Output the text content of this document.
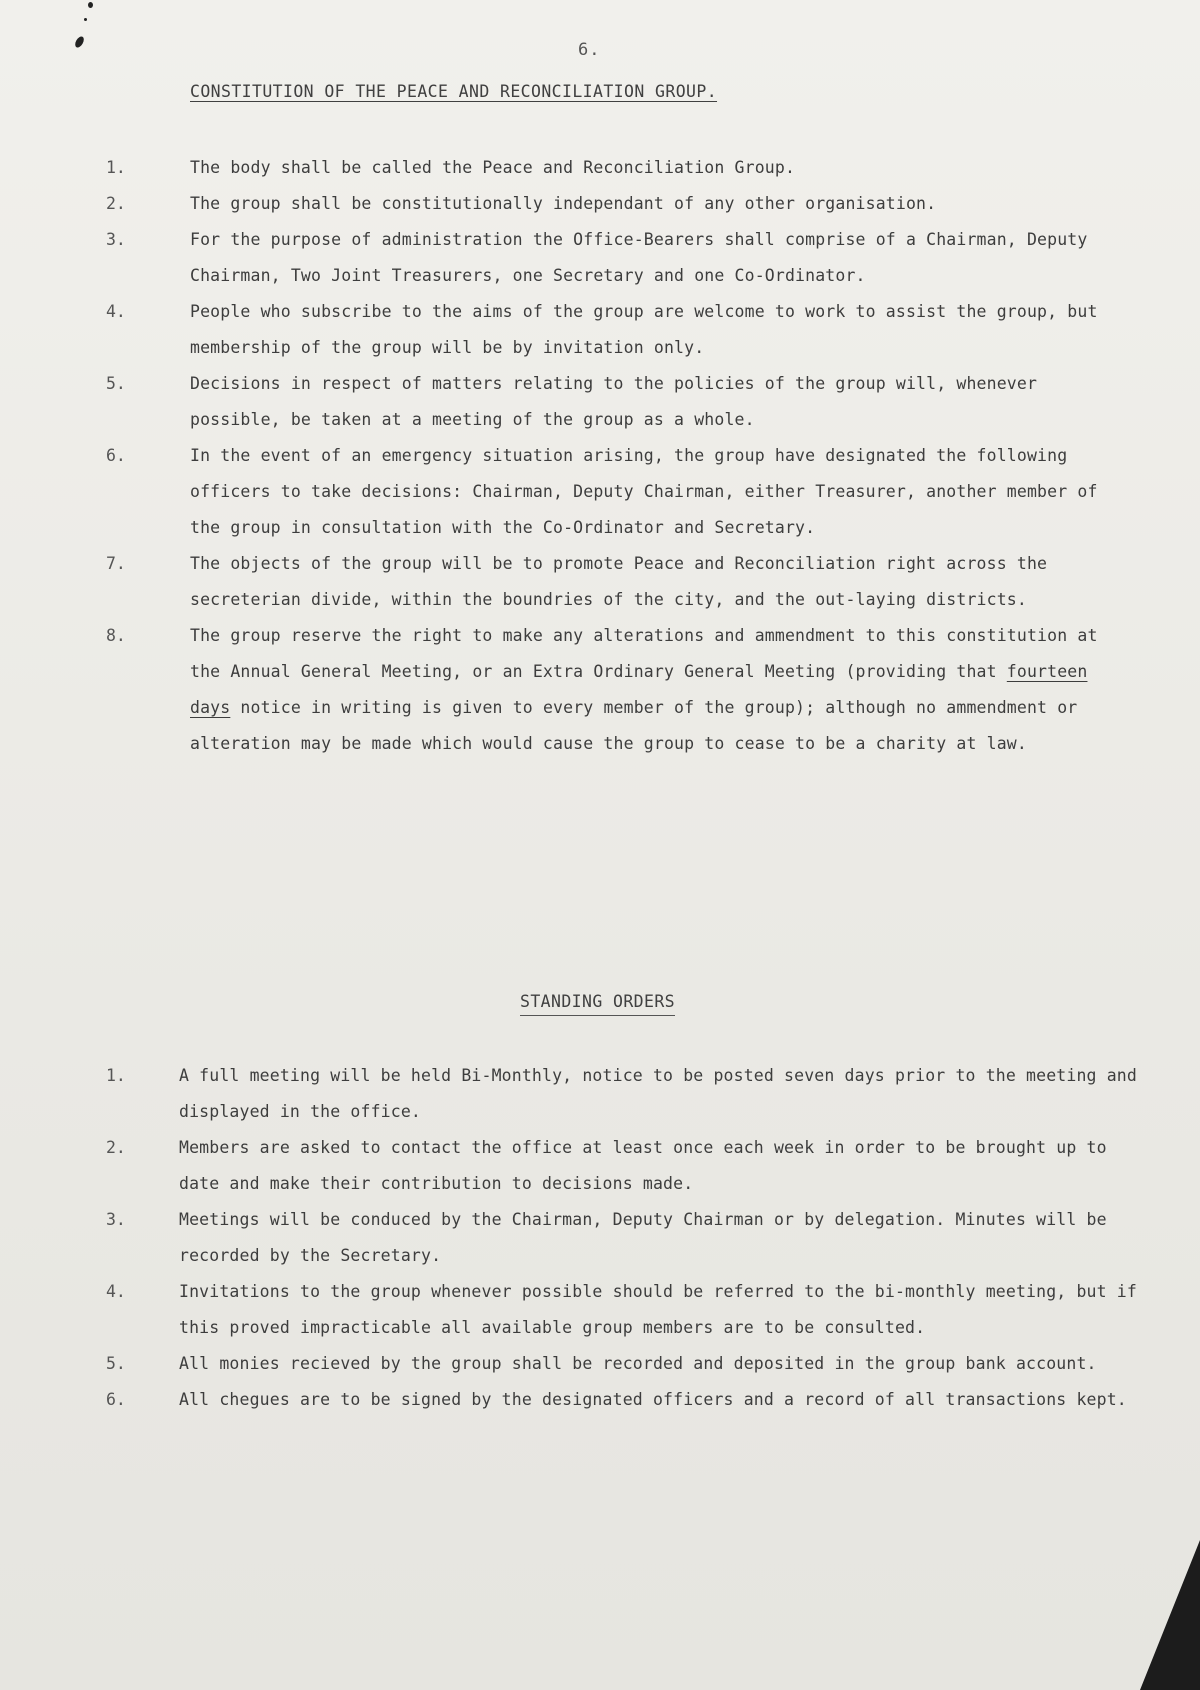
6.
CONSTITUTION OF THE PEACE AND RECONCILIATION GROUP.
1.	The body shall be called the Peace and Reconciliation Group.
2.	The group shall be constitutionally independant of any other organisation.
3.	For the purpose of administration the Office-Bearers shall comprise of a Chairman, Deputy Chairman, Two Joint Treasurers, one Secretary and one Co-Ordinator.
4.	People who subscribe to the aims of the group are welcome to work to assist the group, but membership of the group will be by invitation only.
5.	Decisions in respect of matters relating to the policies of the group will, whenever possible, be taken at a meeting of the group as a whole.
6.	In the event of an emergency situation arising, the group have designated the following officers to take decisions: Chairman, Deputy Chairman, either Treasurer, another member of the group in consultation with the Co-Ordinator and Secretary.
7.	The objects of the group will be to promote Peace and Reconciliation right across the secreterian divide, within the boundries of the city, and the out-laying districts.
8.	The group reserve the right to make any alterations and ammendment to this constitution at the Annual General Meeting, or an Extra Ordinary General Meeting (providing that fourteen days notice in writing is given to every member of the group); although no ammendment or alteration may be made which would cause the group to cease to be a charity at law.
STANDING ORDERS
1.	A full meeting will be held Bi-Monthly, notice to be posted seven days prior to the meeting and displayed in the office.
2.	Members are asked to contact the office at least once each week in order to be brought up to date and make their contribution to decisions made.
3.	Meetings will be conduced by the Chairman, Deputy Chairman or by delegation. Minutes will be recorded by the Secretary.
4.	Invitations to the group whenever possible should be referred to the bi-monthly meeting, but if this proved impracticable all available group members are to be consulted.
5.	All monies recieved by the group shall be recorded and deposited in the group bank account.
6.	All chegues are to be signed by the designated officers and a record of all transactions kept.
